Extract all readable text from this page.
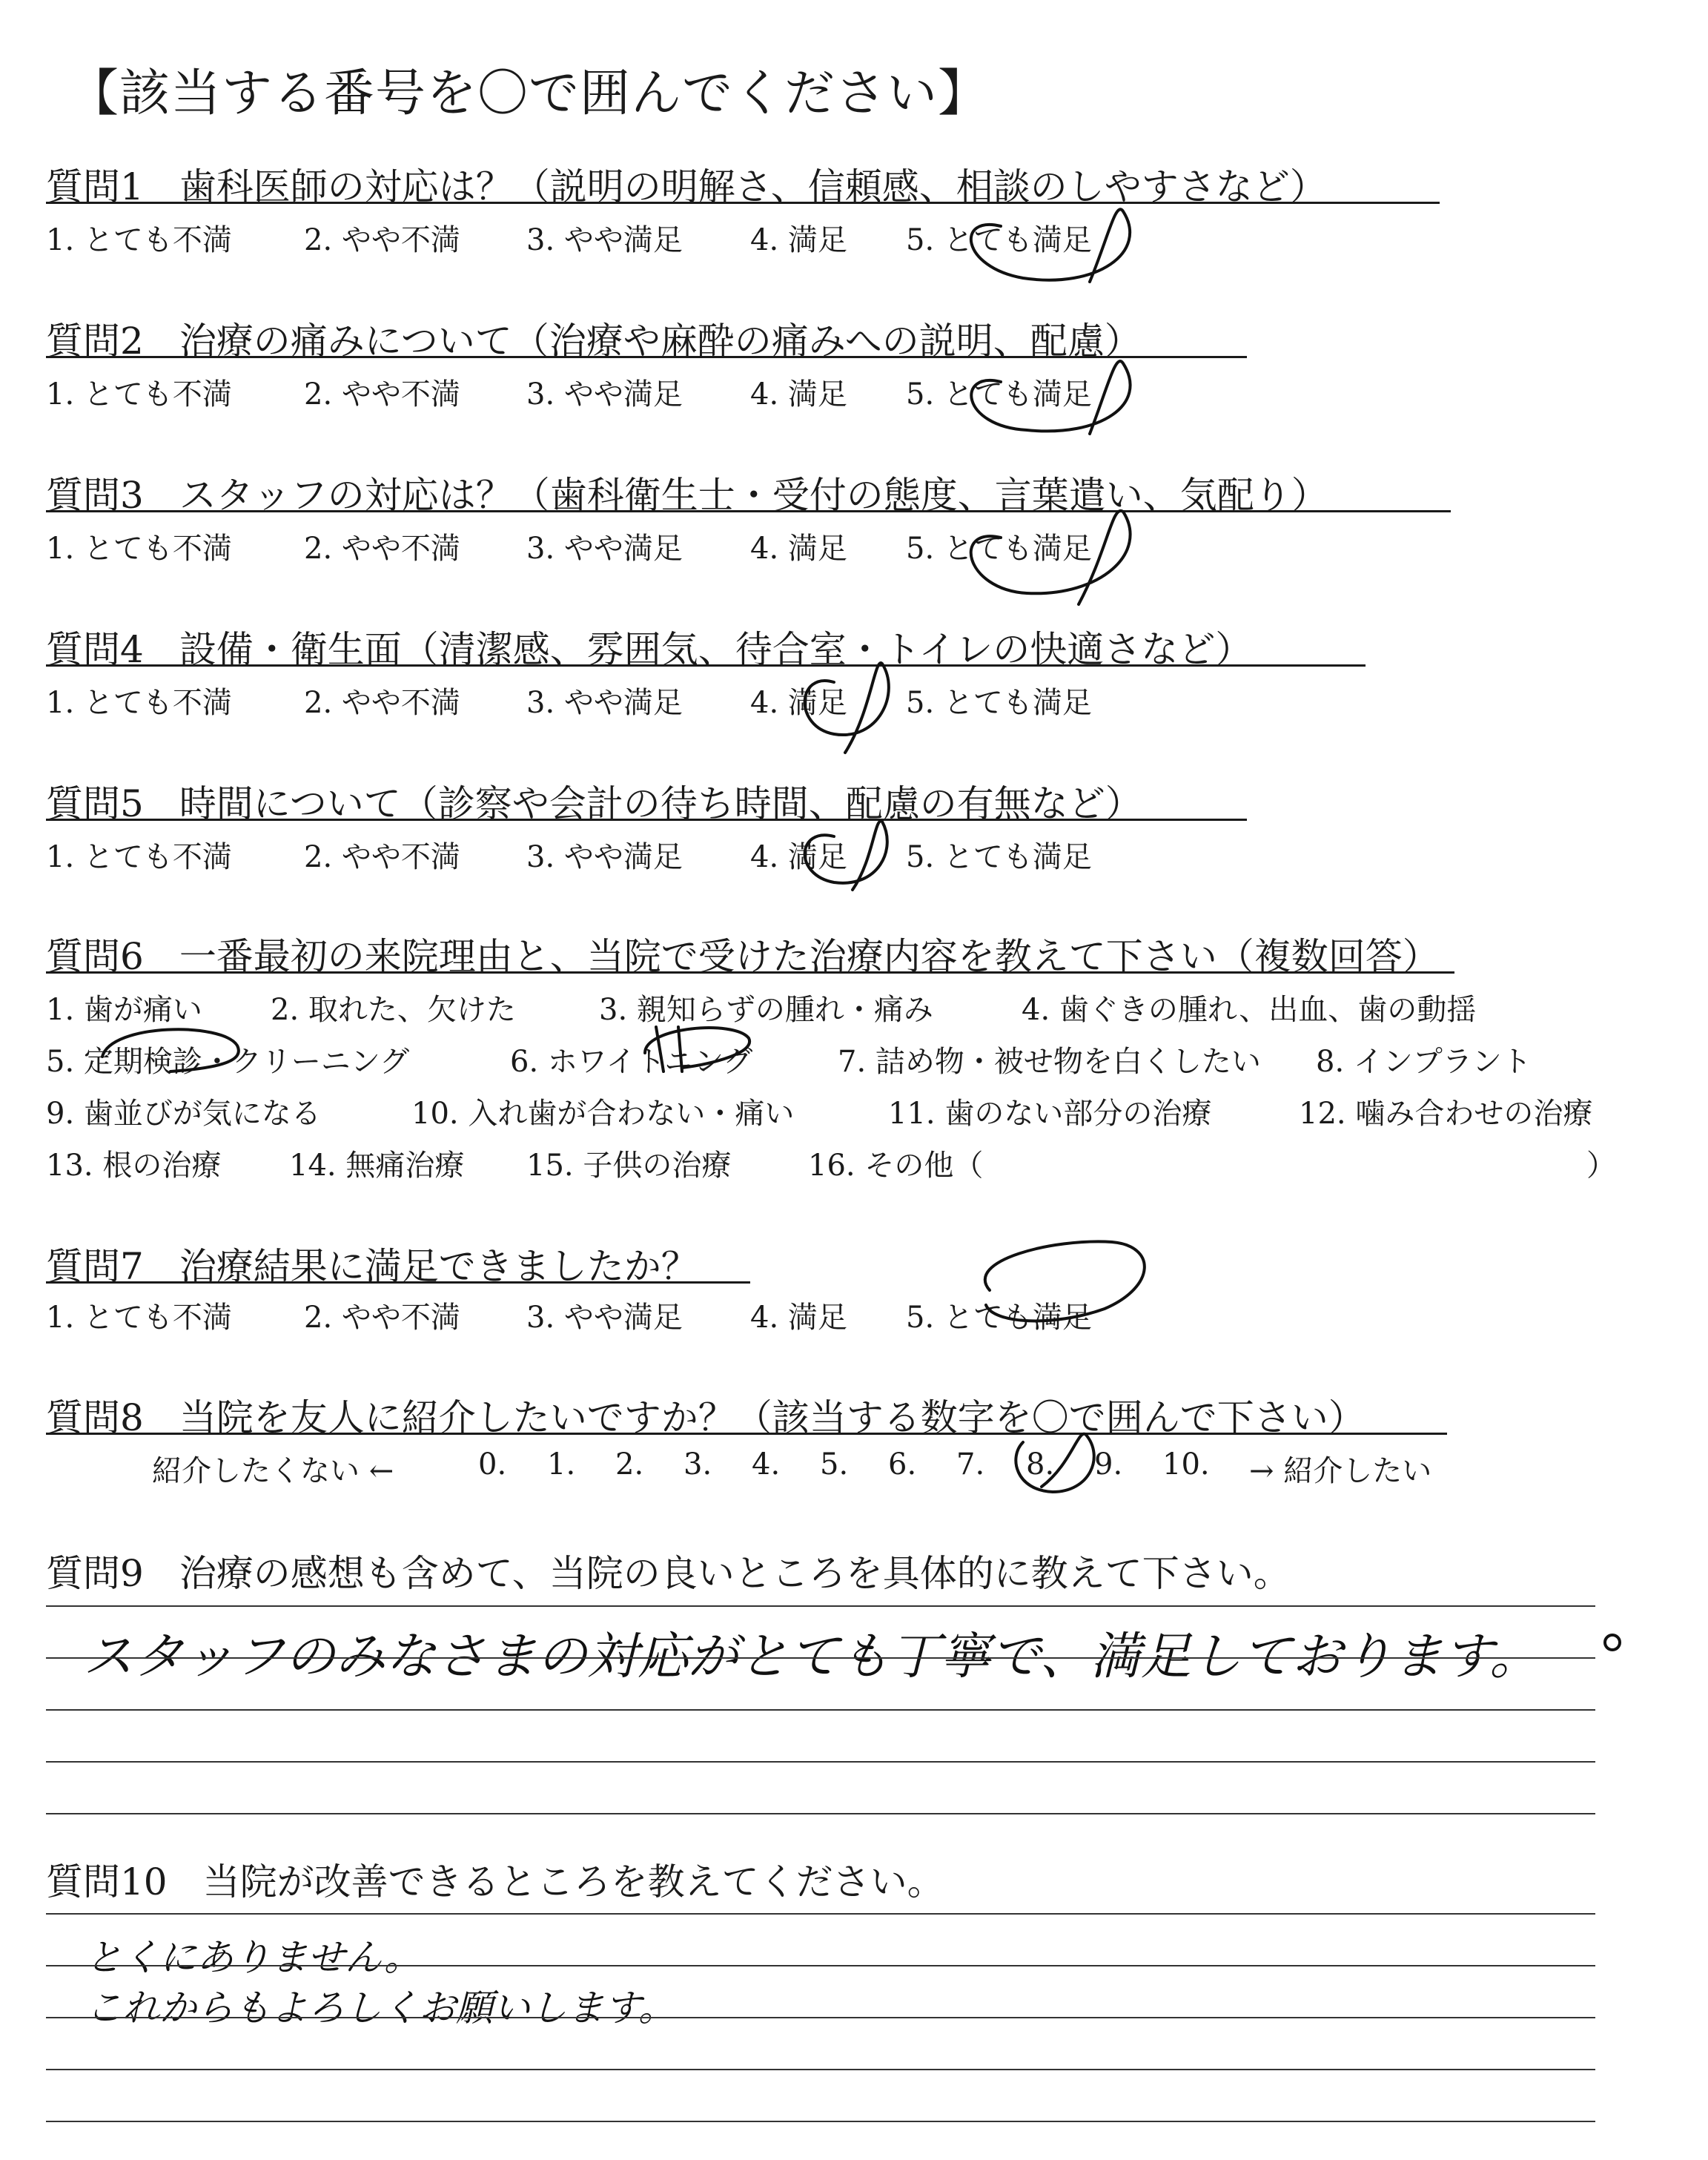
【該当する番号を〇で囲んでください】
質問1 歯科医師の対応は？（説明の明解さ、信頼感、相談のしやすさなど）
1. とても不満 2. やや不満 3. やや満足 4. 満足 5. とても満足
質問2 治療の痛みについて（治療や麻酔の痛みへの説明、配慮）
1. とても不満 2. やや不満 3. やや満足 4. 満足 5. とても満足
質問3 スタッフの対応は？（歯科衛生士・受付の態度、言葉遣い、気配り）
1. とても不満 2. やや不満 3. やや満足 4. 満足 5. とても満足
質問4 設備・衛生面（清潔感、雰囲気、待合室・トイレの快適さなど）
1. とても不満 2. やや不満 3. やや満足 4. 満足 5. とても満足
質問5 時間について（診察や会計の待ち時間、配慮の有無など）
1. とても不満 2. やや不満 3. やや満足 4. 満足 5. とても満足
質問6 一番最初の来院理由と、当院で受けた治療内容を教えて下さい（複数回答）
1. 歯が痛い 2. 取れた、欠けた	3. 親知らずの腫れ・痛み	4. 歯ぐきの腫れ、出血、歯の動揺
5. 定期検診・クリーニング	6. ホワイトニング	7. 詰め物・被せ物を白くしたい 8. インプラント
9. 歯並びが気になる	10. 入れ歯が合わない・痛い	11. 歯のない部分の治療	12. 噛み合わせの治療
13. 根の治療 14. 無痛治療 15. 子供の治療	16. その他（	）
質問7 治療結果に満足できましたか？
1. とても不満 2. やや不満 3. やや満足 4. 満足 5. とても満足
質問8 当院を友人に紹介したいですか？（該当する数字を〇で囲んで下さい）
紹介したくない ←	0. 1. 2. 3. 4. 5. 6. 7. 8. 9. 10. → 紹介したい
質問9 治療の感想も含めて、当院の良いところを具体的に教えて下さい。
スタッフのみなさまの対応がとても丁寧で、満足しております。
質問10 当院が改善できるところを教えてください。
とくにありません。
これからもよろしくお願いします。
